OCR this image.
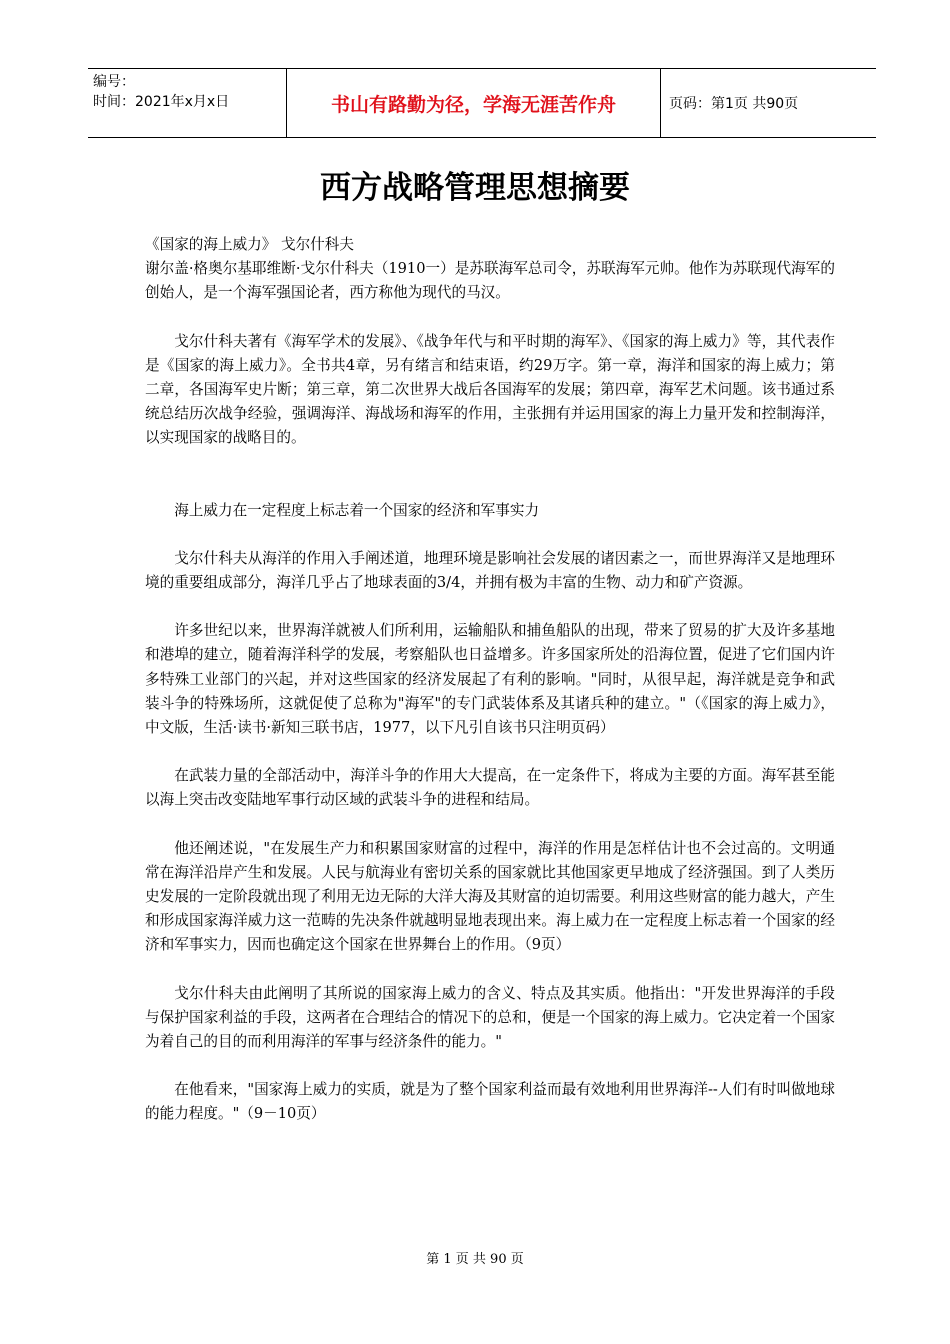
编号：
时间：2021年x月x日	书山有路勤为径，学海无涯苦作舟	页码：第1页 共90页
西方战略管理思想摘要

《国家的海上威力》 戈尔什科夫

谢尔盖·格奥尔基耶维断·戈尔什科夫（1910一）是苏联海军总司令，苏联海军元帅。他作为苏联现代海军的创始人，是一个海军强国论者，西方称他为现代的马汉。

戈尔什科夫著有《海军学术的发展》、《战争年代与和平时期的海军》、《国家的海上威力》等，其代表作是《国家的海上威力》。全书共4章，另有绪言和结束语，约29万字。第一章，海洋和国家的海上威力；第二章，各国海军史片断；第三章，第二次世界大战后各国海军的发展；第四章，海军艺术问题。该书通过系统总结历次战争经验，强调海洋、海战场和海军的作用，主张拥有并运用国家的海上力量开发和控制海洋，以实现国家的战略目的。

海上威力在一定程度上标志着一个国家的经济和军事实力

戈尔什科夫从海洋的作用入手阐述道，地理环境是影响社会发展的诸因素之一，而世界海洋又是地理环境的重要组成部分，海洋几乎占了地球表面的3/4，并拥有极为丰富的生物、动力和矿产资源。

许多世纪以来，世界海洋就被人们所利用，运输船队和捕鱼船队的出现，带来了贸易的扩大及许多基地和港埠的建立，随着海洋科学的发展，考察船队也日益增多。许多国家所处的沿海位置，促进了它们国内许多特殊工业部门的兴起，并对这些国家的经济发展起了有利的影响。"同时，从很早起，海洋就是竞争和武装斗争的特殊场所，这就促使了总称为"海军"的专门武装体系及其诸兵种的建立。"（《国家的海上威力》，中文版，生活·读书·新知三联书店，1977，以下凡引自该书只注明页码）

在武装力量的全部活动中，海洋斗争的作用大大提高，在一定条件下，将成为主要的方面。海军甚至能以海上突击改变陆地军事行动区域的武装斗争的进程和结局。

他还阐述说，"在发展生产力和积累国家财富的过程中，海洋的作用是怎样估计也不会过高的。文明通常在海洋沿岸产生和发展。人民与航海业有密切关系的国家就比其他国家更早地成了经济强国。到了人类历史发展的一定阶段就出现了利用无边无际的大洋大海及其财富的迫切需要。利用这些财富的能力越大，产生和形成国家海洋威力这一范畴的先决条件就越明显地表现出来。海上威力在一定程度上标志着一个国家的经济和军事实力，因而也确定这个国家在世界舞台上的作用。（9页）

戈尔什科夫由此阐明了其所说的国家海上威力的含义、特点及其实质。他指出："开发世界海洋的手段与保护国家利益的手段，这两者在合理结合的情况下的总和，便是一个国家的海上威力。它决定着一个国家为着自己的目的而利用海洋的军事与经济条件的能力。"

在他看来，"国家海上威力的实质，就是为了整个国家利益而最有效地利用世界海洋--人们有时叫做地球的能力程度。"（9－10页）

第 1 页 共 90 页
